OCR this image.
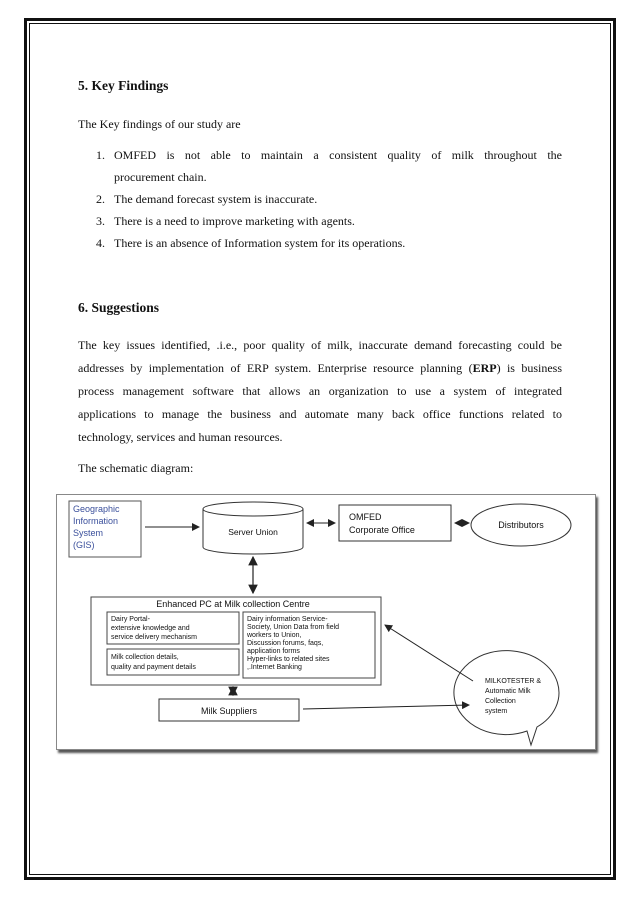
5. Key Findings
The Key findings of our study are
1. OMFED is not able to maintain a consistent quality of milk throughout the
procurement chain.
2. The demand forecast system is inaccurate.
3. There is a need to improve marketing with agents.
4. There is an absence of Information system for its operations.
6. Suggestions
The key issues identified, .i.e., poor quality of milk, inaccurate demand forecasting could be
addresses by implementation of ERP system. Enterprise resource planning (ERP) is business
process management software that allows an organization to use a system of integrated
applications to manage the business and automate many back office functions related to
technology, services and human resources.
The schematic diagram:
Geographic
Information
System
(GIS)
Server Union
OMFED
Corporate Office	Distributors
Enhanced PC at Milk collection Centre
Dairy Portal-
extensive knowledge and
service delivery mechanism
Milk collection details,
quality and payment details
Dairy information Service-
Society, Union Data from field
workers to Union,
Discussion forums, faqs,
application forms
Hyper-links to related sites
,.Internet Banking
Milk Suppliers
MILKOTESTER &
Automatic Milk
Collection
system
